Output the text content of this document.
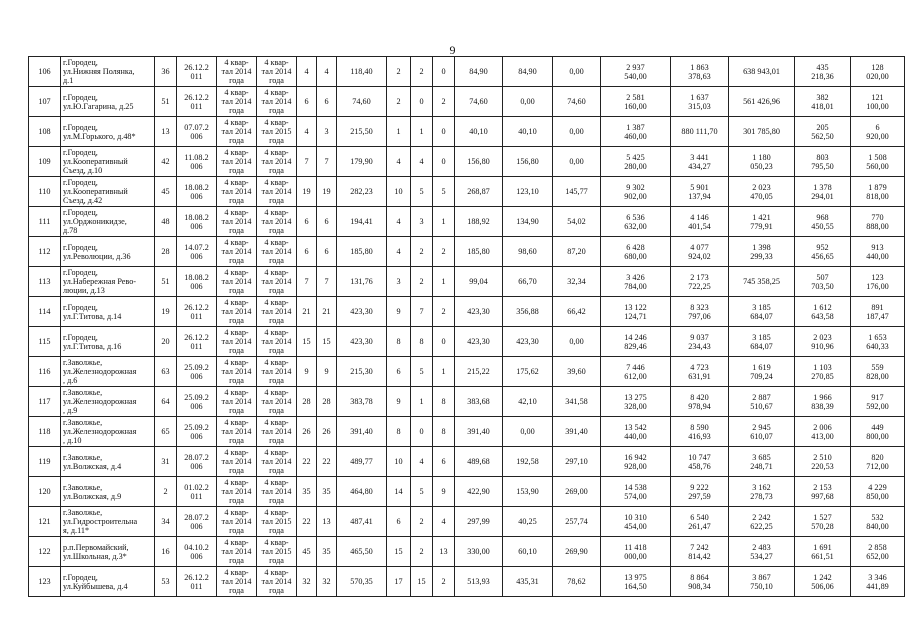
9
106	г.Городец,
ул.Нижняя Полянка,
д.1	36	26.12.2
011	4 квар-
тал 2014
года	4 квар-
тал 2014
года	4	4	118,40	2	2	0	84,90	84,90	0,00	2 937
540,00	1 863
378,63	638 943,01	435
218,36	128
020,00
107	г.Городец,
ул.Ю.Гагарина, д.25	51	26.12.2
011	4 квар-
тал 2014
года	4 квар-
тал 2014
года	6	6	74,60	2	0	2	74,60	0,00	74,60	2 581
160,00	1 637
315,03	561 426,96	382
418,01	121
100,00
108	г.Городец,
ул.М.Горького, д.48*	13	07.07.2
006	4 квар-
тал 2014
года	4 квар-
тал 2015
года	4	3	215,50	1	1	0	40,10	40,10	0,00	1 387
460,00	880 111,70	301 785,80	205
562,50	6
920,00
109	г.Городец,
ул.Кооперативный
Съезд, д.10	42	11.08.2
006	4 квар-
тал 2014
года	4 квар-
тал 2014
года	7	7	179,90	4	4	0	156,80	156,80	0,00	5 425
280,00	3 441
434,27	1 180
050,23	803
795,50	1 508
560,00
110	г.Городец,
ул.Кооперативный
Съезд, д.42	45	18.08.2
006	4 квар-
тал 2014
года	4 квар-
тал 2014
года	19	19	282,23	10	5	5	268,87	123,10	145,77	9 302
902,00	5 901
137,94	2 023
470,05	1 378
294,01	1 879
818,00
111	г.Городец,
ул.Орджоникидзе,
д.78	48	18.08.2
006	4 квар-
тал 2014
года	4 квар-
тал 2014
года	6	6	194,41	4	3	1	188,92	134,90	54,02	6 536
632,00	4 146
401,54	1 421
779,91	968
450,55	770
888,00
112	г.Городец,
ул.Революции, д.36	28	14.07.2
006	4 квар-
тал 2014
года	4 квар-
тал 2014
года	6	6	185,80	4	2	2	185,80	98,60	87,20	6 428
680,00	4 077
924,02	1 398
299,33	952
456,65	913
440,00
113	г.Городец,
ул.Набережная Рево-
люции, д.13	51	18.08.2
006	4 квар-
тал 2014
года	4 квар-
тал 2014
года	7	7	131,76	3	2	1	99,04	66,70	32,34	3 426
784,00	2 173
722,25	745 358,25	507
703,50	123
176,00
114	г.Городец,
ул.Г.Титова, д.14	19	26.12.2
011	4 квар-
тал 2014
года	4 квар-
тал 2014
года	21	21	423,30	9	7	2	423,30	356,88	66,42	13 122
124,71	8 323
797,06	3 185
684,07	1 612
643,58	891
187,47
115	г.Городец,
ул.Г.Титова, д.16	20	26.12.2
011	4 квар-
тал 2014
года	4 квар-
тал 2014
года	15	15	423,30	8	8	0	423,30	423,30	0,00	14 246
829,46	9 037
234,43	3 185
684,07	2 023
910,96	1 653
640,33
116	г.Заволжье,
ул.Железнодорожная
, д.6	63	25.09.2
006	4 квар-
тал 2014
года	4 квар-
тал 2014
года	9	9	215,30	6	5	1	215,22	175,62	39,60	7 446
612,00	4 723
631,91	1 619
709,24	1 103
270,85	559
828,00
117	г.Заволжье,
ул.Железнодорожная
, д.9	64	25.09.2
006	4 квар-
тал 2014
года	4 квар-
тал 2014
года	28	28	383,78	9	1	8	383,68	42,10	341,58	13 275
328,00	8 420
978,94	2 887
510,67	1 966
838,39	917
592,00
118	г.Заволжье,
ул.Железнодорожная
, д.10	65	25.09.2
006	4 квар-
тал 2014
года	4 квар-
тал 2014
года	26	26	391,40	8	0	8	391,40	0,00	391,40	13 542
440,00	8 590
416,93	2 945
610,07	2 006
413,00	449
800,00
119	г.Заволжье,
ул.Волжская, д.4	31	28.07.2
006	4 квар-
тал 2014
года	4 квар-
тал 2014
года	22	22	489,77	10	4	6	489,68	192,58	297,10	16 942
928,00	10 747
458,76	3 685
248,71	2 510
220,53	820
712,00
120	г.Заволжье,
ул.Волжская, д.9	2	01.02.2
011	4 квар-
тал 2014
года	4 квар-
тал 2014
года	35	35	464,80	14	5	9	422,90	153,90	269,00	14 538
574,00	9 222
297,59	3 162
278,73	2 153
997,68	4 229
850,00
121	г.Заволжье,
ул.Гидростроительна
я, д.11*	34	28.07.2
006	4 квар-
тал 2014
года	4 квар-
тал 2015
года	22	13	487,41	6	2	4	297,99	40,25	257,74	10 310
454,00	6 540
261,47	2 242
622,25	1 527
570,28	532
840,00
122	р.п.Первомайский,
ул.Школьная, д.3*	16	04.10.2
006	4 квар-
тал 2014
года	4 квар-
тал 2015
года	45	35	465,50	15	2	13	330,00	60,10	269,90	11 418
000,00	7 242
814,42	2 483
534,27	1 691
661,51	2 858
652,00
123	г.Городец,
ул.Куйбышева, д.4	53	26.12.2
011	4 квар-
тал 2014
года	4 квар-
тал 2014
года	32	32	570,35	17	15	2	513,93	435,31	78,62	13 975
164,50	8 864
908,34	3 867
750,10	1 242
506,06	3 346
441,89
